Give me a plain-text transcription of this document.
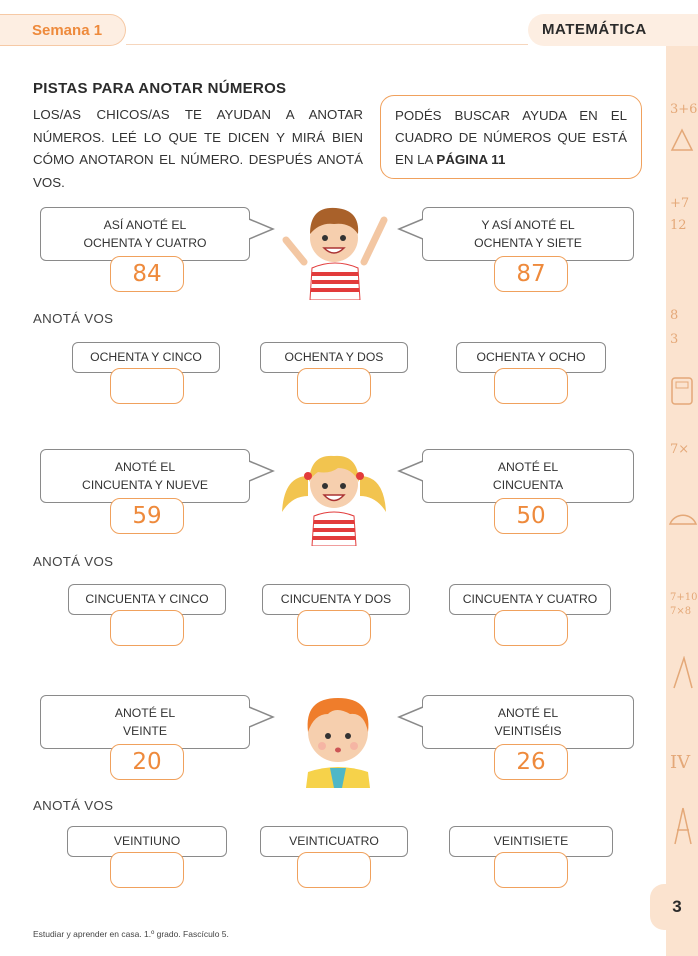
Semana 1	MATEMÁTICA
3+6
+7
12
8
3
7×
7+10
7×8
IV
3
PISTAS PARA ANOTAR NÚMEROS
LOS/AS CHICOS/AS TE AYUDAN A ANOTAR NÚMEROS. LEÉ LO QUE TE DICEN Y MIRÁ BIEN CÓMO ANOTARON EL NÚMERO. DESPUÉS ANOTÁ VOS.
PODÉS BUSCAR AYUDA EN EL CUADRO DE NÚMEROS QUE ESTÁ EN LA PÁGINA 11
ASÍ ANOTÉ EL
OCHENTA Y CUATRO
84
Y ASÍ ANOTÉ EL
OCHENTA Y SIETE
87
ANOTÁ VOS
OCHENTA Y CINCO	OCHENTA Y DOS	OCHENTA Y OCHO
ANOTÉ EL
CINCUENTA Y NUEVE
59
ANOTÉ EL
CINCUENTA
50
ANOTÁ VOS
CINCUENTA Y CINCO	CINCUENTA Y DOS	CINCUENTA Y CUATRO
ANOTÉ EL
VEINTE
20
ANOTÉ EL
VEINTISÉIS
26
ANOTÁ VOS
VEINTIUNO	VEINTICUATRO	VEINTISIETE
Estudiar y aprender en casa. 1.º grado. Fascículo 5.
